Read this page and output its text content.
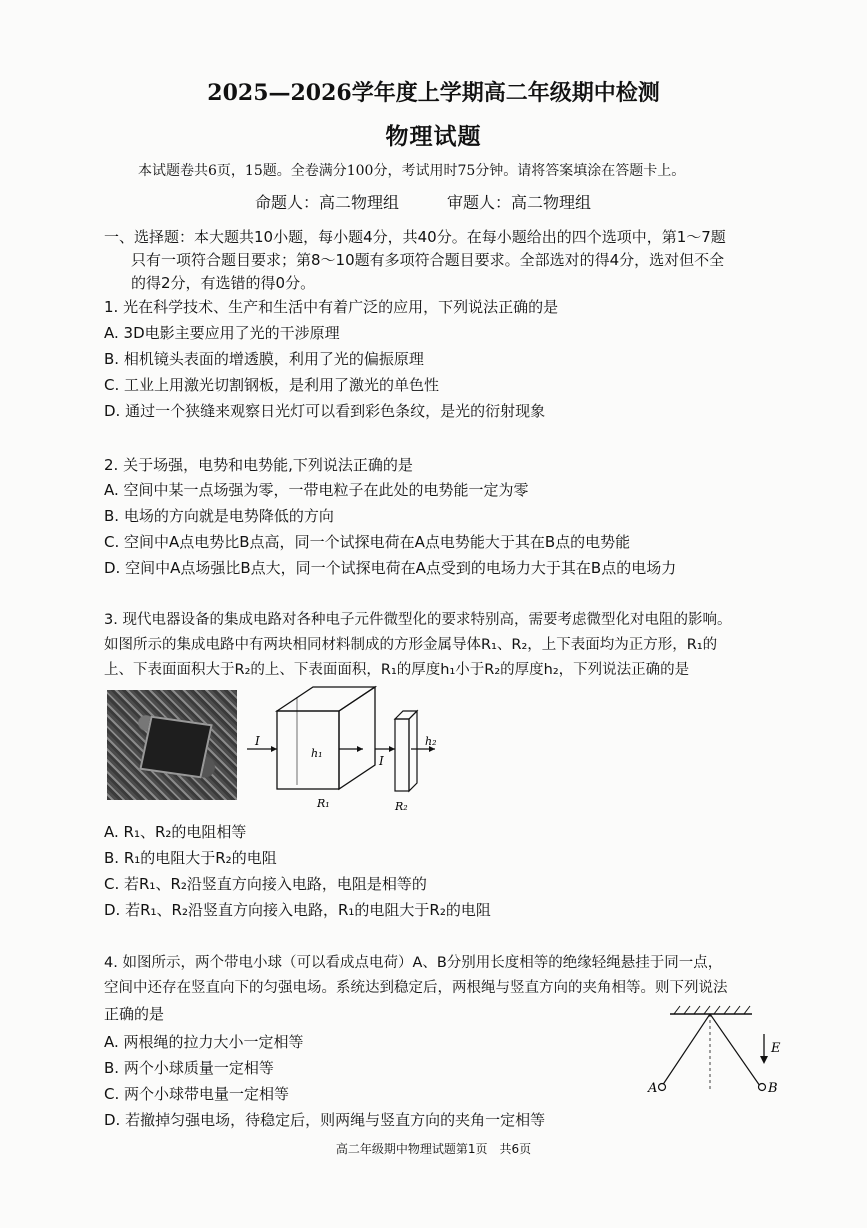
2025—2026学年度上学期高二年级期中检测
物理试题
本试题卷共6页，15题。全卷满分100分，考试用时75分钟。请将答案填涂在答题卡上。
命题人：高二物理组　　　审题人：高二物理组
一、选择题：本大题共10小题，每小题4分，共40分。在每小题给出的四个选项中，第1～7题
只有一项符合题目要求；第8～10题有多项符合题目要求。全部选对的得4分，选对但不全
的得2分，有选错的得0分。
1. 光在科学技术、生产和生活中有着广泛的应用，下列说法正确的是
A. 3D电影主要应用了光的干涉原理
B. 相机镜头表面的增透膜，利用了光的偏振原理
C. 工业上用激光切割钢板，是利用了激光的单色性
D. 通过一个狭缝来观察日光灯可以看到彩色条纹，是光的衍射现象
2. 关于场强，电势和电势能,下列说法正确的是
A. 空间中某一点场强为零，一带电粒子在此处的电势能一定为零
B. 电场的方向就是电势降低的方向
C. 空间中A点电势比B点高，同一个试探电荷在A点电势能大于其在B点的电势能
D. 空间中A点场强比B点大，同一个试探电荷在A点受到的电场力大于其在B点的电场力
3. 现代电器设备的集成电路对各种电子元件微型化的要求特别高，需要考虑微型化对电阻的影响。
如图所示的集成电路中有两块相同材料制成的方形金属导体R₁、R₂，上下表面均为正方形，R₁的
上、下表面面积大于R₂的上、下表面面积，R₁的厚度h₁小于R₂的厚度h₂，下列说法正确的是
I
h₁
R₁
I
h₂
R₂
A. R₁、R₂的电阻相等
B. R₁的电阻大于R₂的电阻
C. 若R₁、R₂沿竖直方向接入电路，电阻是相等的
D. 若R₁、R₂沿竖直方向接入电路，R₁的电阻大于R₂的电阻
4. 如图所示，两个带电小球（可以看成点电荷）A、B分别用长度相等的绝缘轻绳悬挂于同一点，
空间中还存在竖直向下的匀强电场。系统达到稳定后，两根绳与竖直方向的夹角相等。则下列说法
正确的是
A. 两根绳的拉力大小一定相等
B. 两个小球质量一定相等
C. 两个小球带电量一定相等
D. 若撤掉匀强电场，待稳定后，则两绳与竖直方向的夹角一定相等
E
A	B
高二年级期中物理试题第1页　共6页
